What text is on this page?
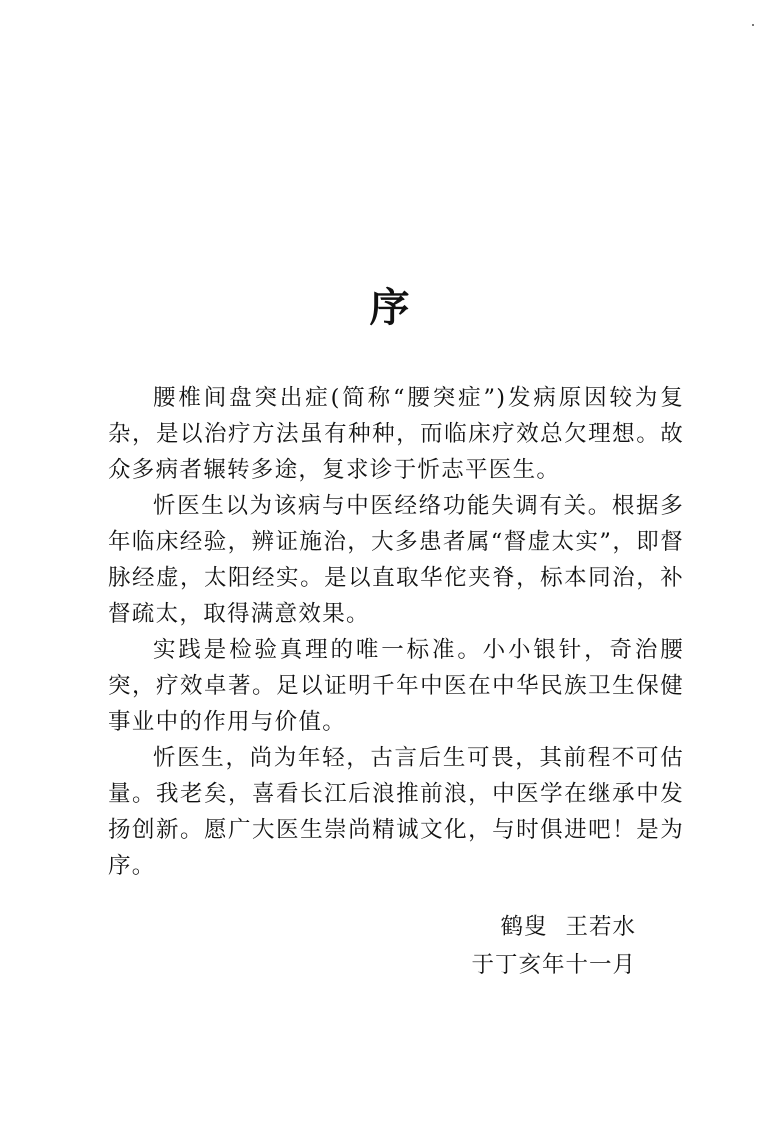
序

腰椎间盘突出症(简称“腰突症”)发病原因较为复杂，是以治疗方法虽有种种，而临床疗效总欠理想。故众多病者辗转多途，复求诊于忻志平医生。

忻医生以为该病与中医经络功能失调有关。根据多年临床经验，辨证施治，大多患者属“督虚太实”，即督脉经虚，太阳经实。是以直取华佗夹脊，标本同治，补督疏太，取得满意效果。

实践是检验真理的唯一标准。小小银针，奇治腰突，疗效卓著。足以证明千年中医在中华民族卫生保健事业中的作用与价值。

忻医生，尚为年轻，古言后生可畏，其前程不可估量。我老矣，喜看长江后浪推前浪，中医学在继承中发扬创新。愿广大医生崇尚精诚文化，与时俱进吧！是为序。

鹤叟 王若水
于丁亥年十一月
